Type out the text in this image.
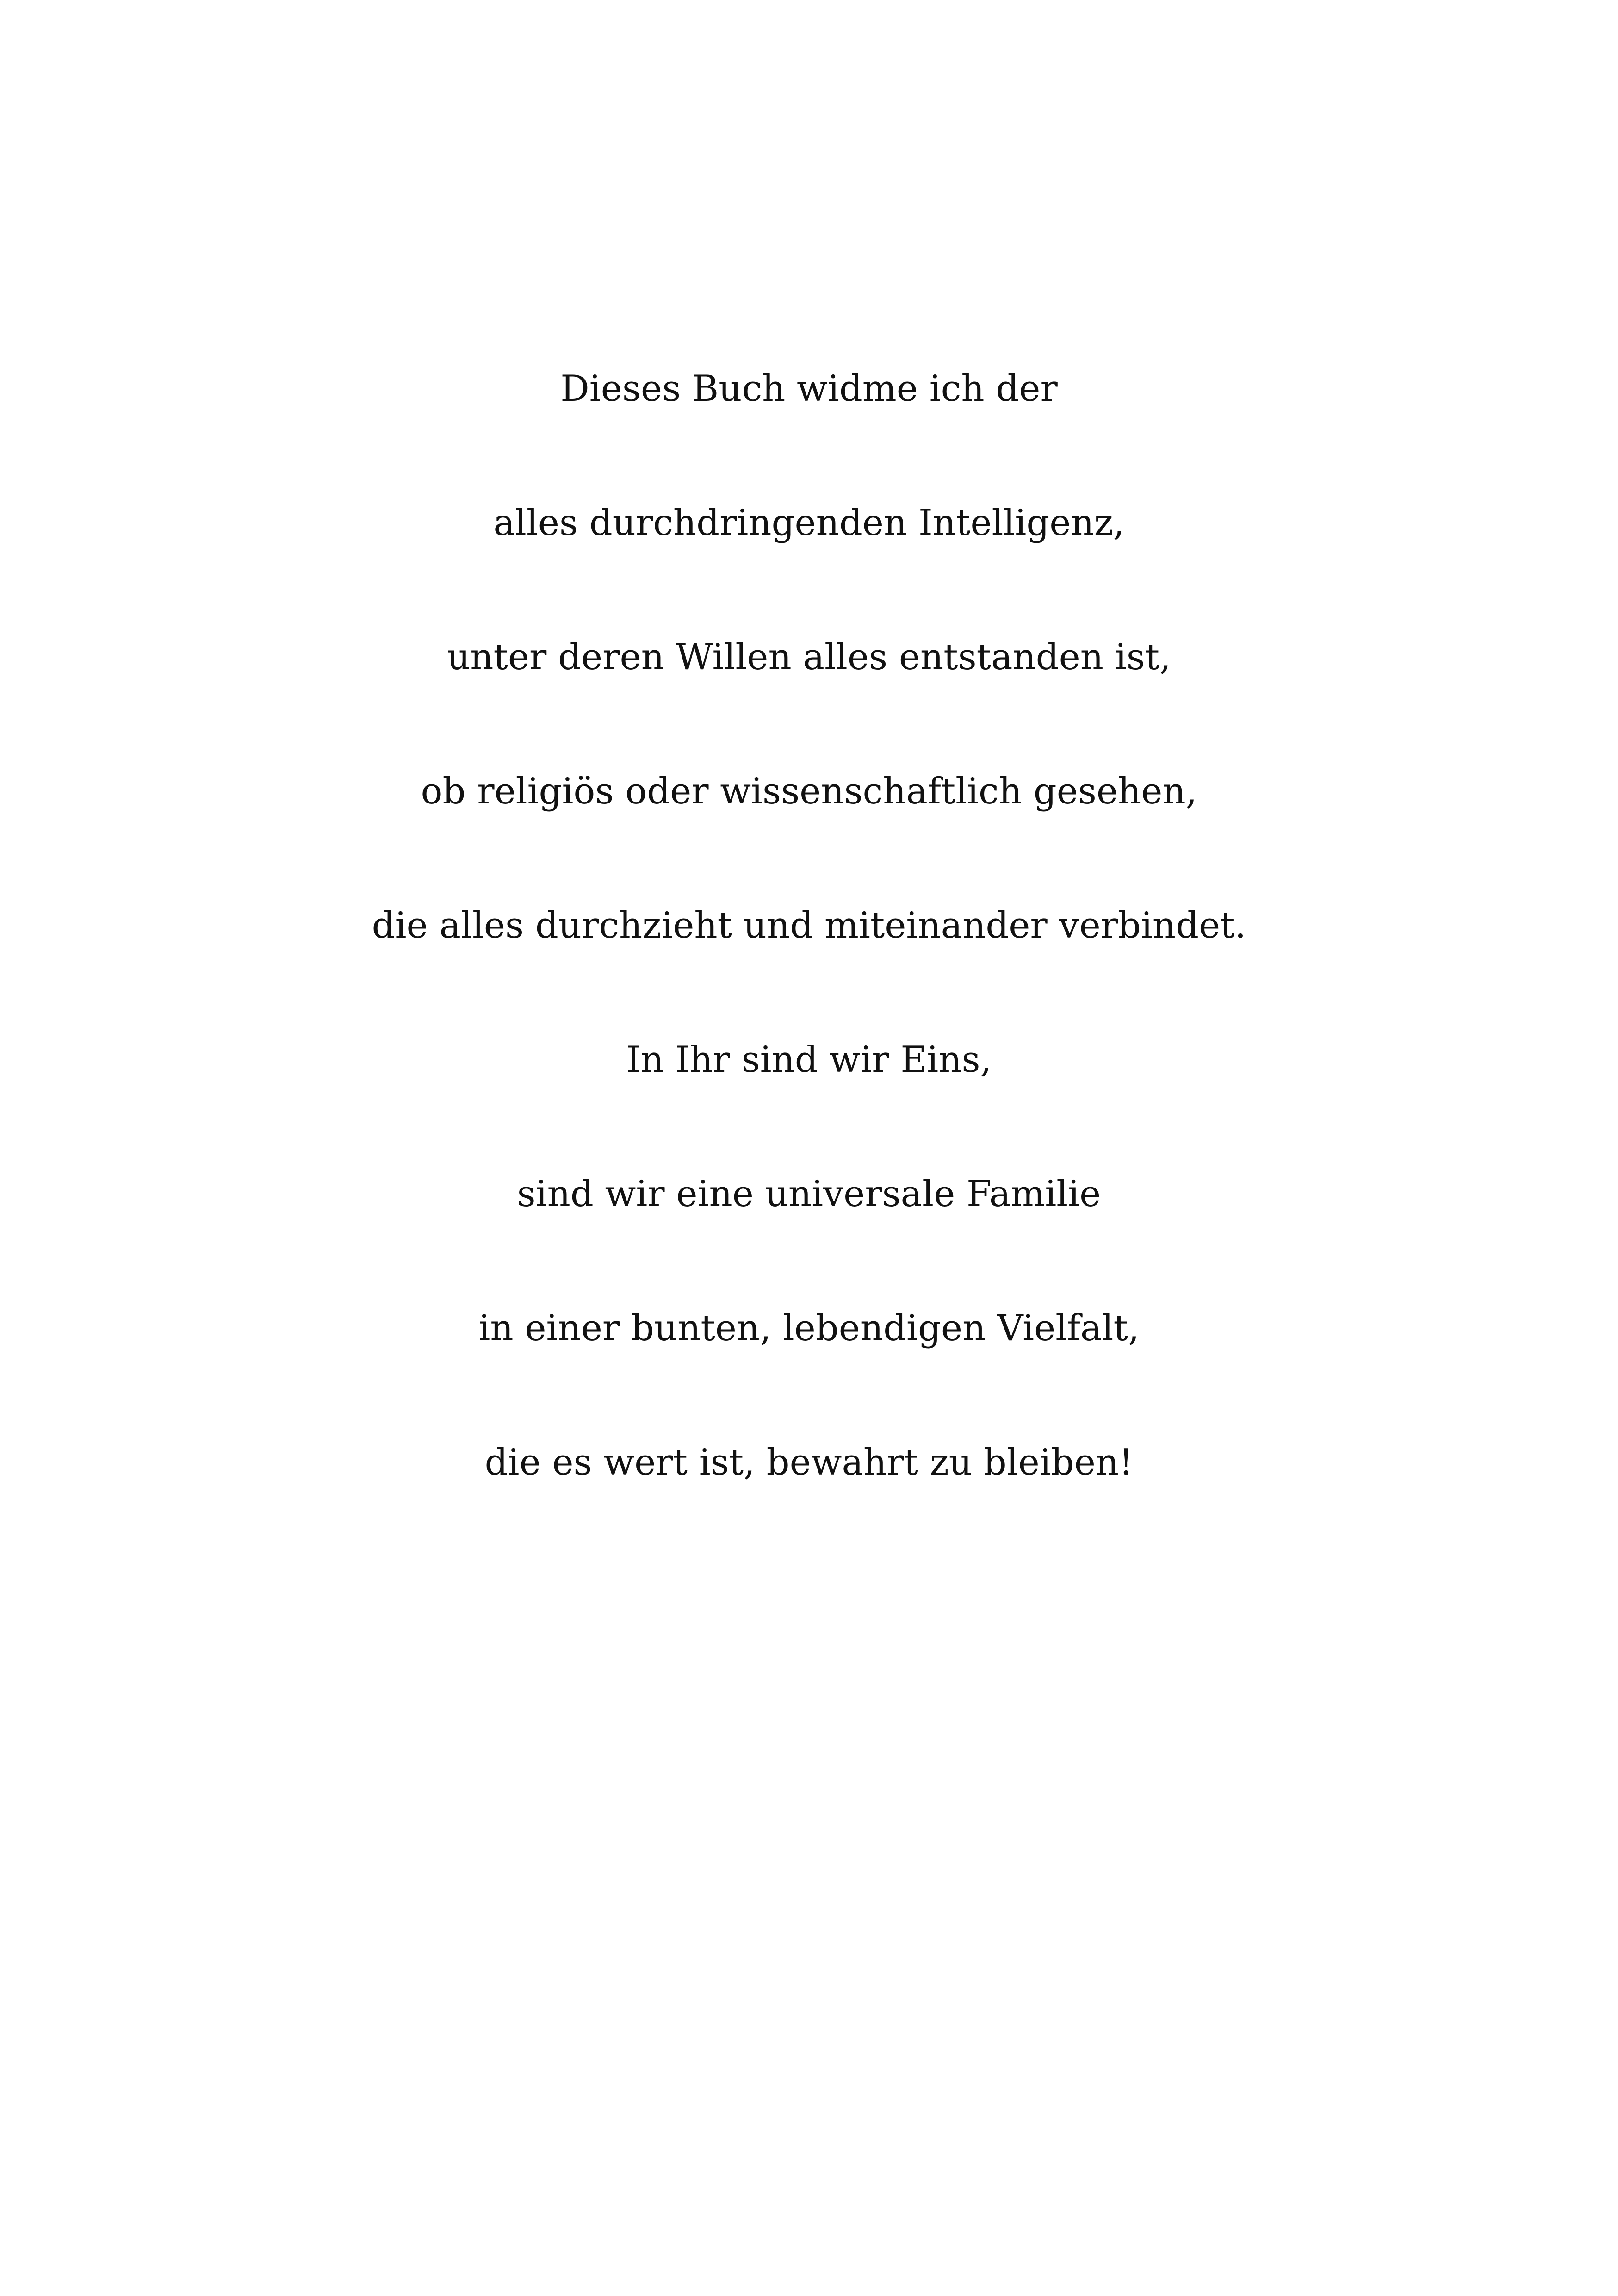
Dieses Buch widme ich der

alles durchdringenden Intelligenz,

unter deren Willen alles entstanden ist,

ob religiös oder wissenschaftlich gesehen,

die alles durchzieht und miteinander verbindet.

In Ihr sind wir Eins,

sind wir eine universale Familie

in einer bunten, lebendigen Vielfalt,

die es wert ist, bewahrt zu bleiben!
